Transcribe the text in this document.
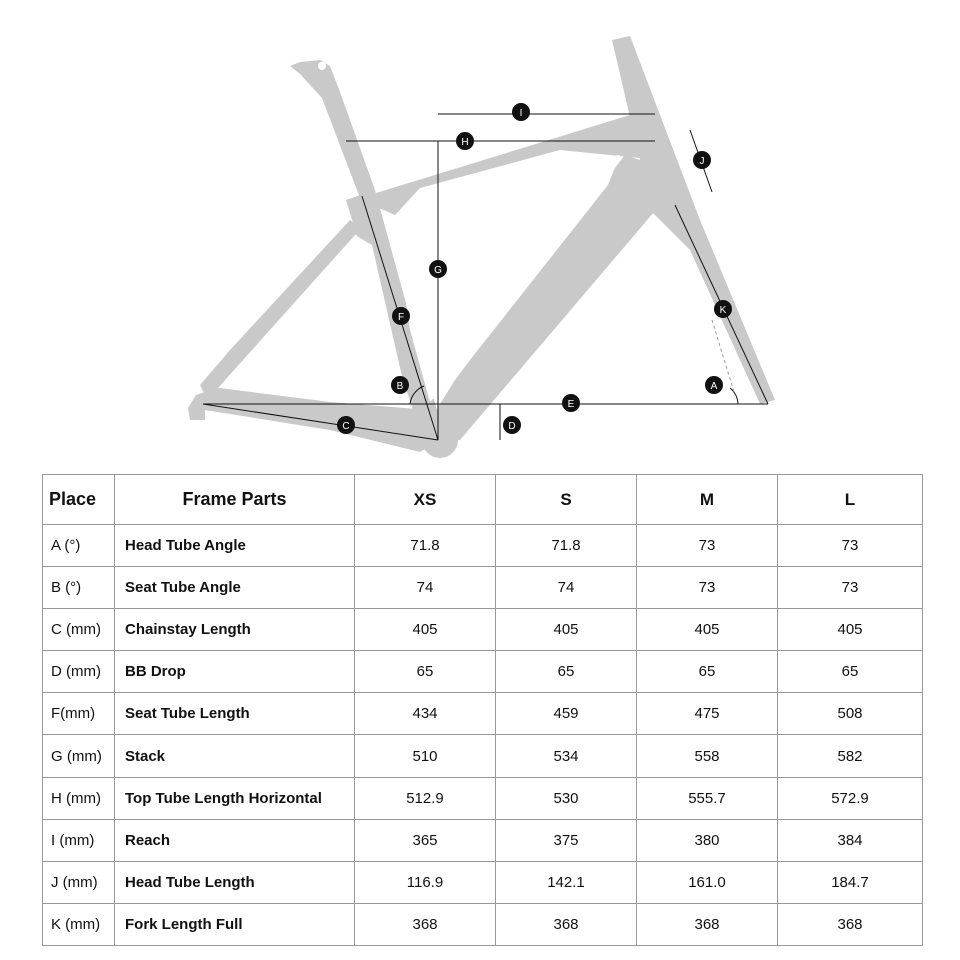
I
H
J
G
F
K
B	A
E
C	D
Place	Frame Parts	XS	S	M	L
A (°)	Head Tube Angle	71.8	71.8	73	73
B (°)	Seat Tube Angle	74	74	73	73
C (mm)	Chainstay Length	405	405	405	405
D (mm)	BB Drop	65	65	65	65
F(mm)	Seat Tube Length	434	459	475	508
G (mm)	Stack	510	534	558	582
H (mm)	Top Tube Length Horizontal	512.9	530	555.7	572.9
I (mm)	Reach	365	375	380	384
J (mm)	Head Tube Length	116.9	142.1	161.0	184.7
K (mm)	Fork Length Full	368	368	368	368
